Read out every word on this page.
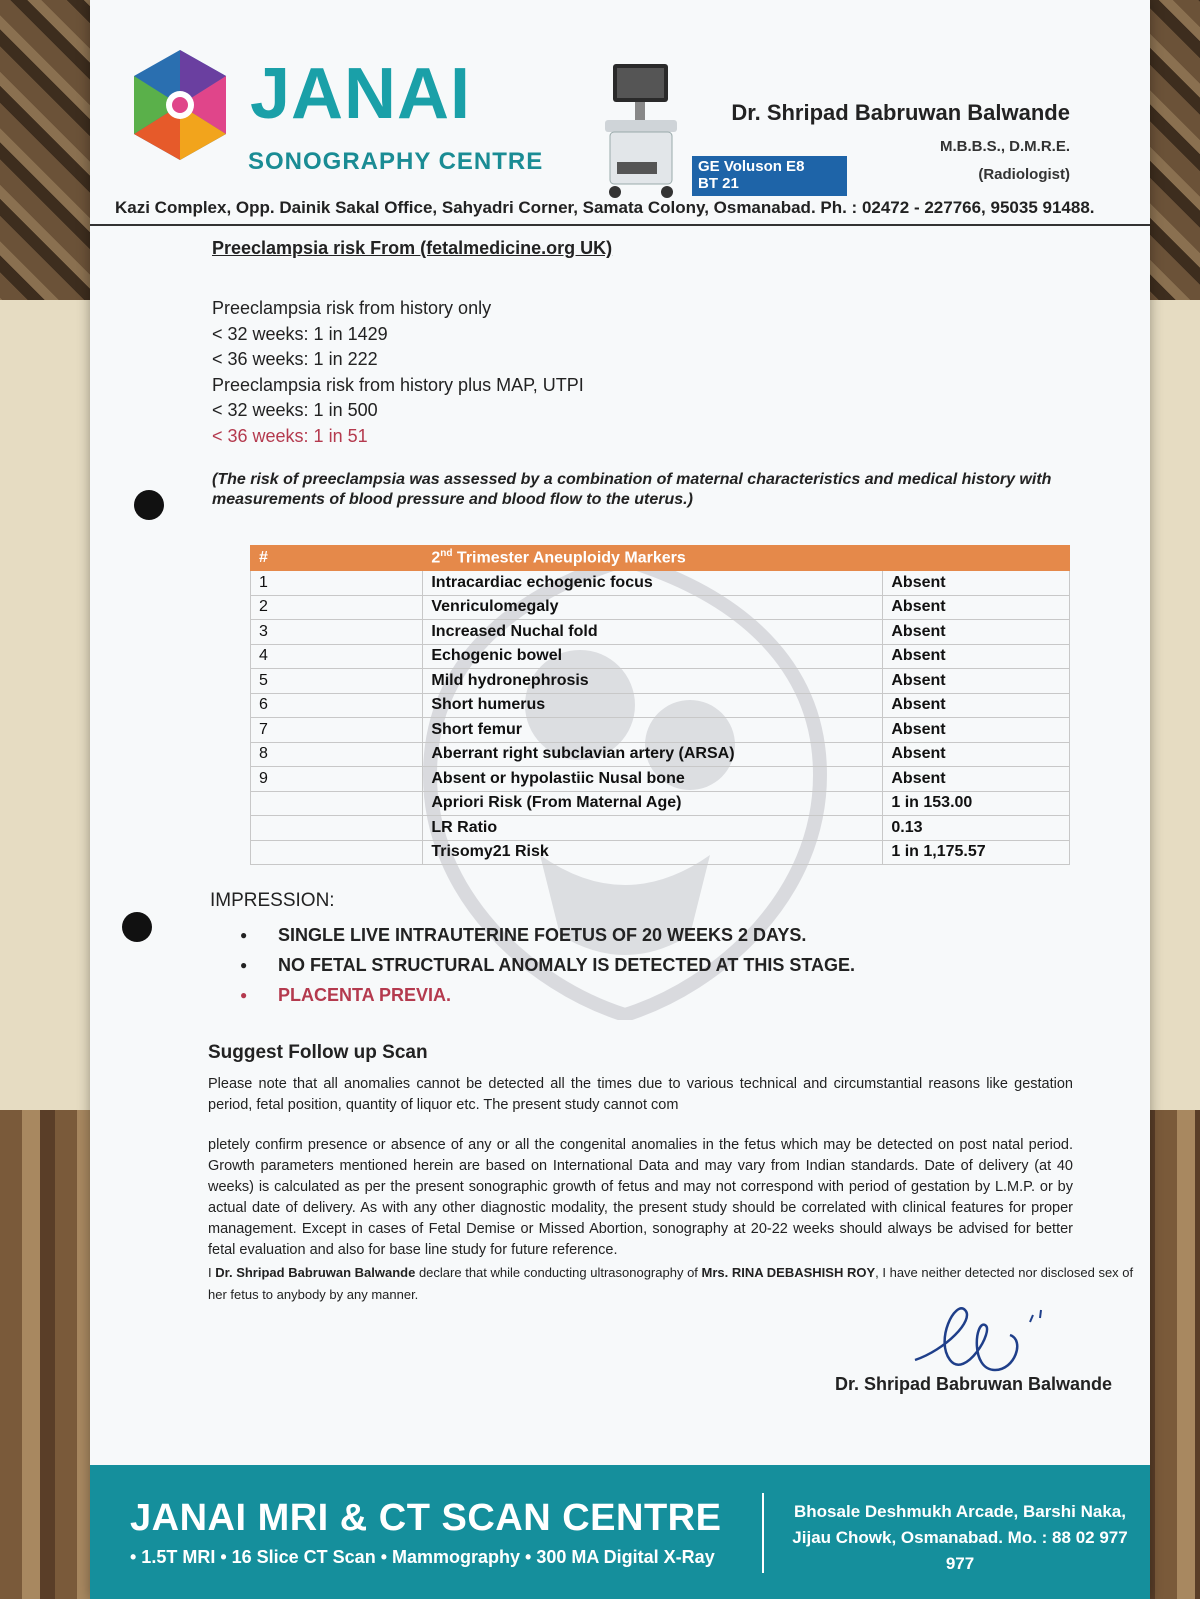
JANAI
SONOGRAPHY CENTRE	GE Voluson E8
BT 21
Dr. Shripad Babruwan Balwande
M.B.B.S., D.M.R.E.
(Radiologist)
Kazi Complex, Opp. Dainik Sakal Office, Sahyadri Corner, Samata Colony, Osmanabad. Ph. : 02472 - 227766, 95035 91488.
Preeclampsia risk From (fetalmedicine.org UK)
Preeclampsia risk from history only
< 32 weeks: 1 in 1429
< 36 weeks: 1 in 222
Preeclampsia risk from history plus MAP, UTPI
< 32 weeks: 1 in 500
< 36 weeks: 1 in 51
(The risk of preeclampsia was assessed by a combination of maternal characteristics and medical history with measurements of blood pressure and blood flow to the uterus.)
#	2nd Trimester Aneuploidy Markers	
1	Intracardiac echogenic focus	Absent
2	Venriculomegaly	Absent
3	Increased Nuchal fold	Absent
4	Echogenic bowel	Absent
5	Mild hydronephrosis	Absent
6	Short humerus	Absent
7	Short femur	Absent
8	Aberrant right subclavian artery (ARSA)	Absent
9	Absent or hypolastiic Nusal bone	Absent
	Apriori Risk (From Maternal Age)	1 in 153.00
	LR Ratio	0.13
	Trisomy21 Risk	1 in 1,175.57
IMPRESSION:
● SINGLE LIVE INTRAUTERINE FOETUS OF 20 WEEKS 2 DAYS.
● NO FETAL STRUCTURAL ANOMALY IS DETECTED AT THIS STAGE.
● PLACENTA PREVIA.
Suggest Follow up Scan
Please note that all anomalies cannot be detected all the times due to various technical and circumstantial reasons like gestation period, fetal position, quantity of liquor etc. The present study cannot com
pletely confirm presence or absence of any or all the congenital anomalies in the fetus which may be detected on post natal period. Growth parameters mentioned herein are based on International Data and may vary from Indian standards. Date of delivery (at 40 weeks) is calculated as per the present sonographic growth of fetus and may not correspond with period of gestation by L.M.P. or by actual date of delivery. As with any other diagnostic modality, the present study should be correlated with clinical features for proper management. Except in cases of Fetal Demise or Missed Abortion, sonography at 20-22 weeks should always be advised for better fetal evaluation and also for base line study for future reference.
I Dr. Shripad Babruwan Balwande declare that while conducting ultrasonography of Mrs. RINA DEBASHISH ROY, I have neither detected nor disclosed sex of her fetus to anybody by any manner.
Dr. Shripad Babruwan Balwande
JANAI MRI & CT SCAN CENTRE
• 1.5T MRI • 16 Slice CT Scan • Mammography • 300 MA Digital X-Ray
Bhosale Deshmukh Arcade, Barshi Naka,
Jijau Chowk, Osmanabad. Mo. : 88 02 977 977
